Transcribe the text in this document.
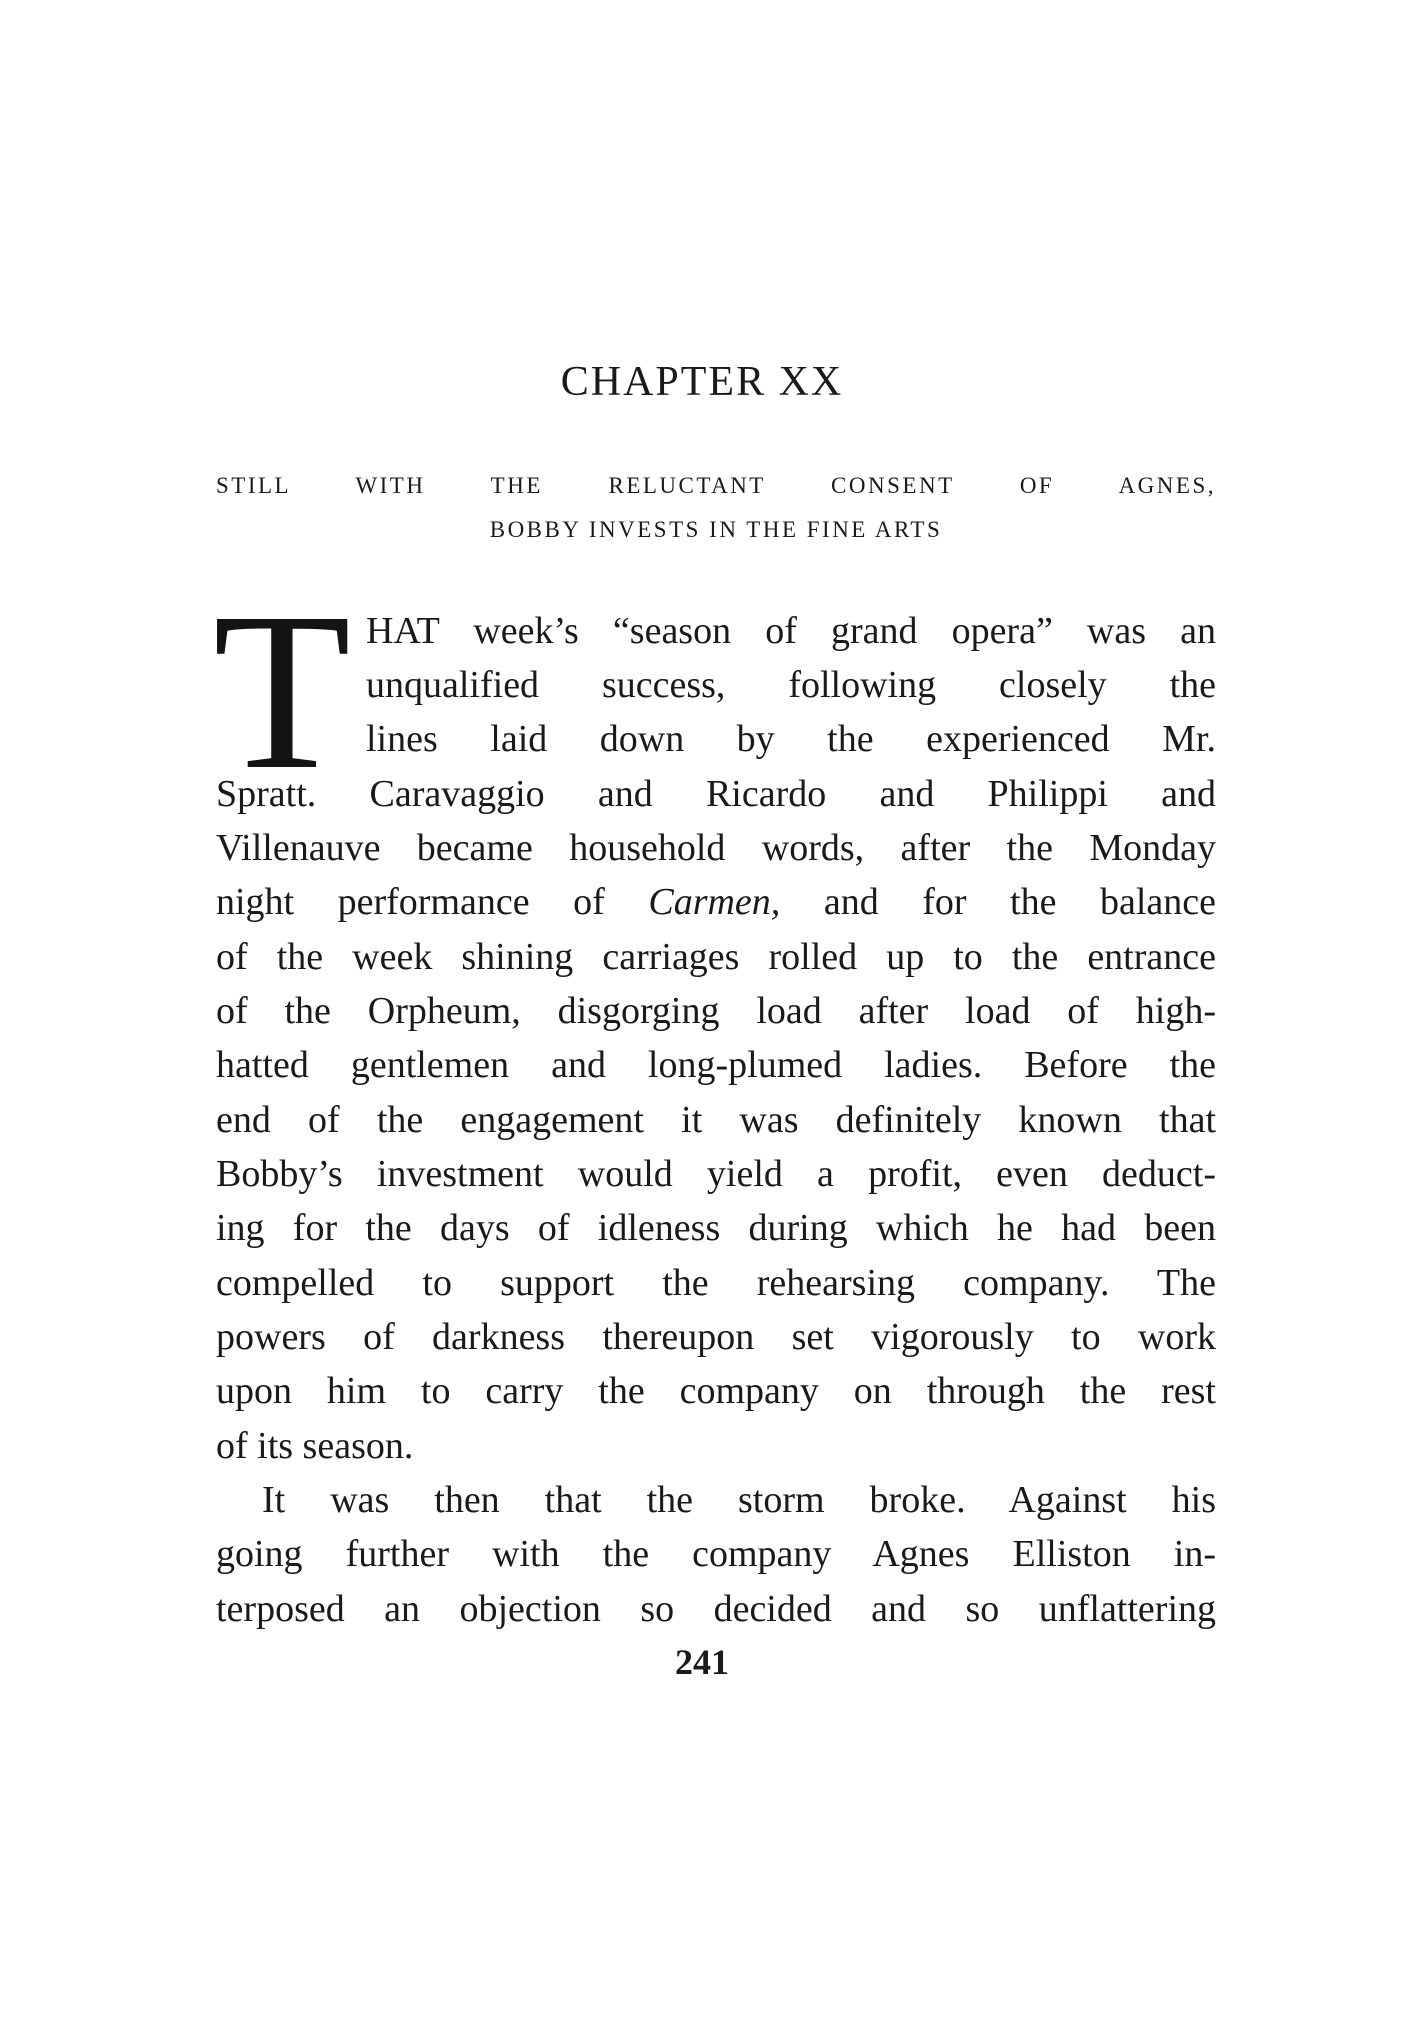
CHAPTER XX

STILL WITH THE RELUCTANT CONSENT OF AGNES,

BOBBY INVESTS IN THE FINE ARTS

T HAT week’s “season of grand opera” was an

unqualified success, following closely the

lines laid down by the experienced Mr.

Spratt. Caravaggio and Ricardo and Philippi and

Villenauve became household words, after the Monday

night performance of Carmen, and for the balance

of the week shining carriages rolled up to the entrance

of the Orpheum, disgorging load after load of high-

hatted gentlemen and long-plumed ladies. Before the

end of the engagement it was definitely known that

Bobby’s investment would yield a profit, even deduct-

ing for the days of idleness during which he had been

compelled to support the rehearsing company. The

powers of darkness thereupon set vigorously to work

upon him to carry the company on through the rest

of its season.

It was then that the storm broke. Against his

going further with the company Agnes Elliston in-

terposed an objection so decided and so unflattering

241
